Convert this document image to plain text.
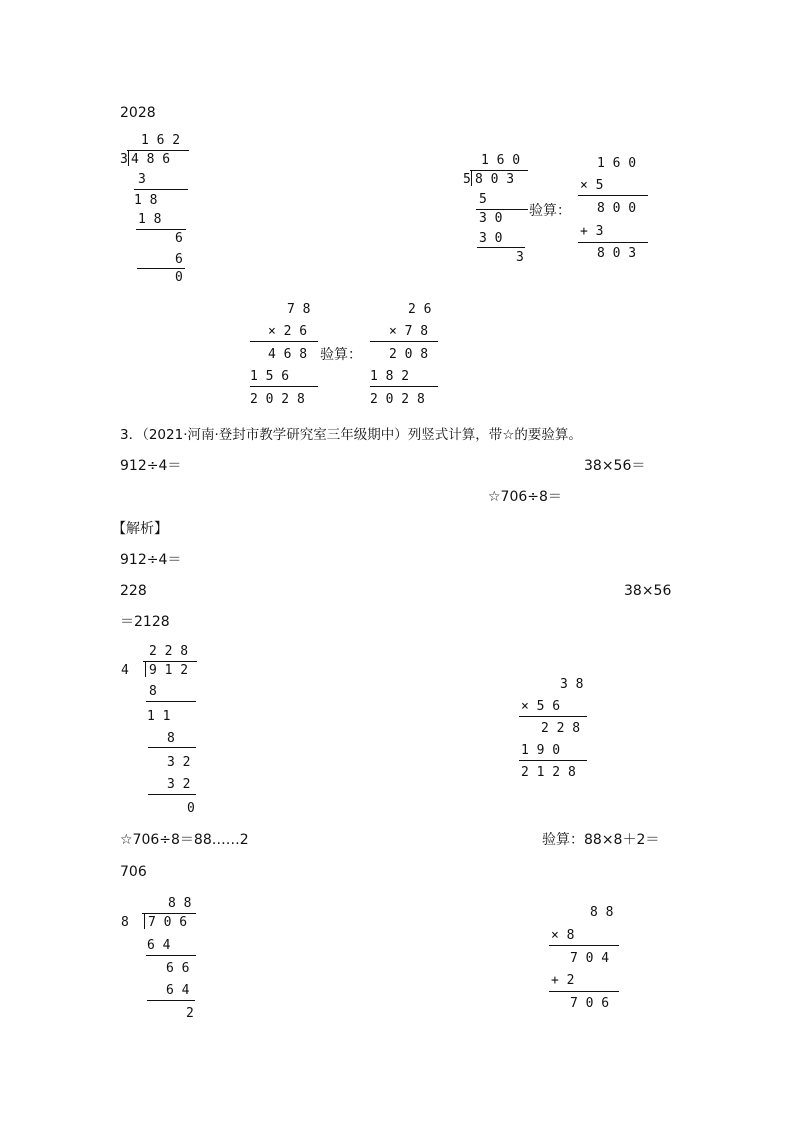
2028
1 6 2
3 4 8 6
3
1 8
1 8
6
6
0
1 6 0
5 8 0 3
5
3 0 验算：
3 0
3
1 6 0
× 5
8 0 0
+ 3
8 0 3
7 8
× 2 6
4 6 8 验算：
1 5 6
2 0 2 8
2 6
× 7 8
2 0 8
1 8 2
2 0 2 8
3．（2021·河南·登封市教学研究室三年级期中）列竖式计算，带☆的要验算。
912÷4＝	38×56＝
☆706÷8＝
【解析】
912÷4＝
228	38×56
＝2128
2 2 8
4 9 1 2
8
1 1
8
3 2
3 2
0
3 8
× 5 6
2 2 8
1 9 0
2 1 2 8
☆706÷8＝88……2	验算：88×8＋2＝
706
8 8
8 7 0 6
6 4
6 6
6 4
2
8 8
× 8
7 0 4
+ 2
7 0 6
